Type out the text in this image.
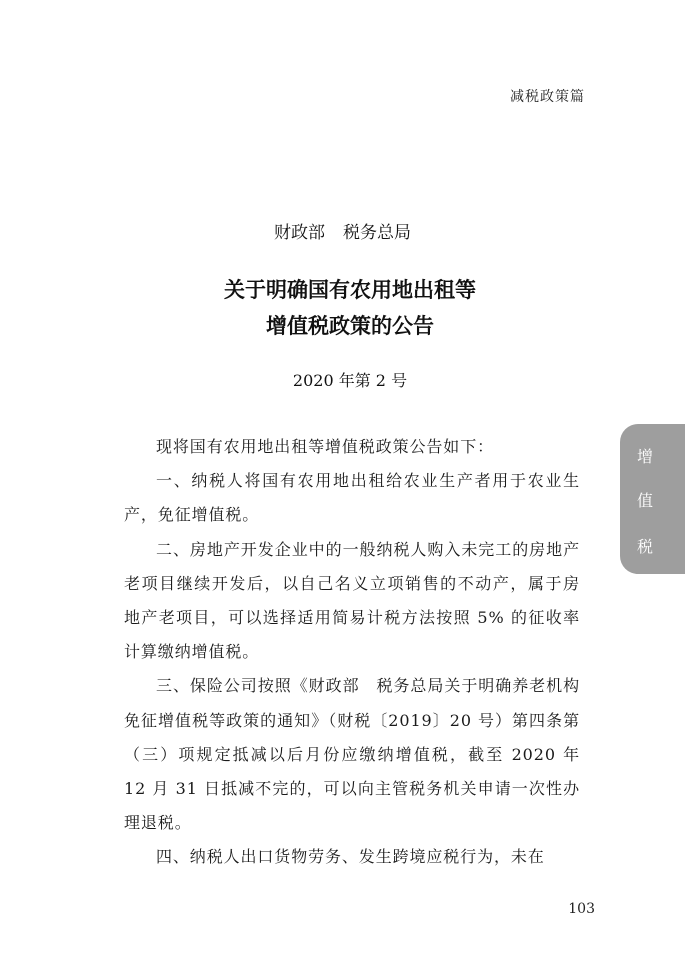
减税政策篇
财政部 税务总局
关于明确国有农用地出租等
增值税政策的公告
2020 年第 2 号

现将国有农用地出租等增值税政策公告如下：

一、纳税人将国有农用地出租给农业生产者用于农业生产，免征增值税。

二、房地产开发企业中的一般纳税人购入未完工的房地产老项目继续开发后，以自己名义立项销售的不动产，属于房地产老项目，可以选择适用简易计税方法按照 5% 的征收率计算缴纳增值税。

三、保险公司按照《财政部　税务总局关于明确养老机构免征增值税等政策的通知》（财税〔2019〕20 号）第四条第（三）项规定抵减以后月份应缴纳增值税，截至 2020 年 12 月 31 日抵减不完的，可以向主管税务机关申请一次性办理退税。

四、纳税人出口货物劳务、发生跨境应税行为，未在

增
值
税
103
